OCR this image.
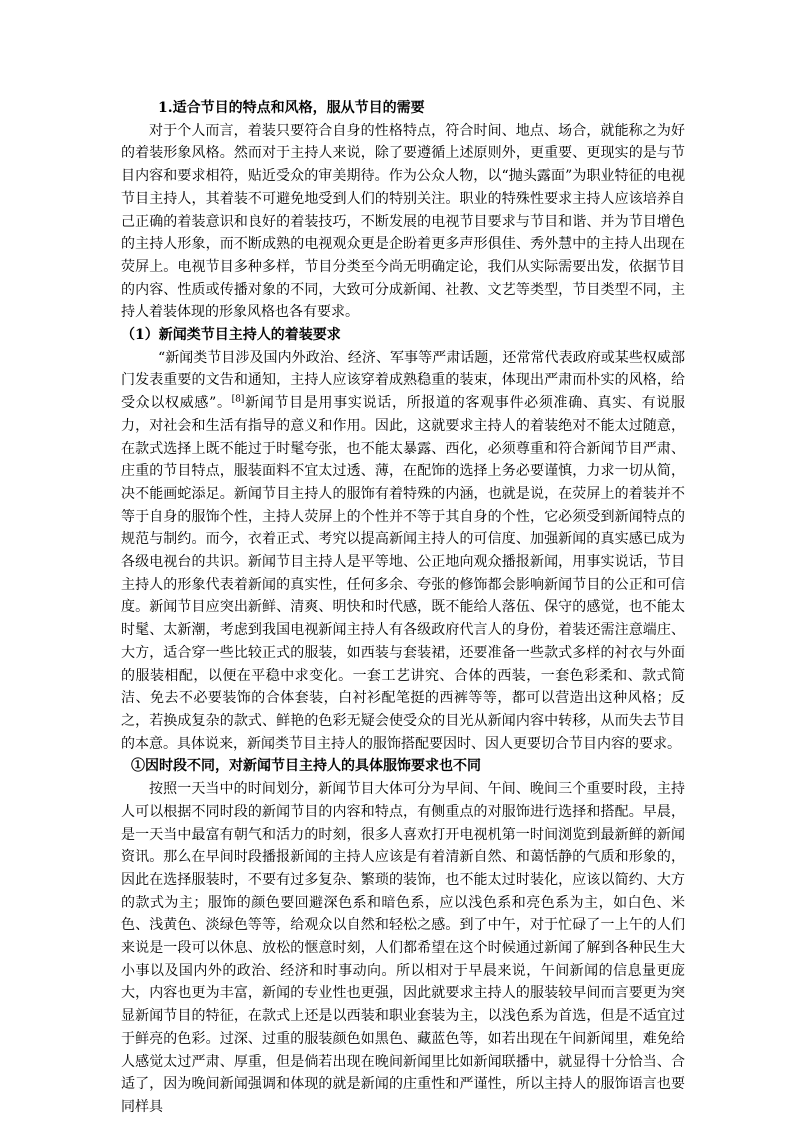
1.适合节目的特点和风格，服从节目的需要

对于个人而言，着装只要符合自身的性格特点，符合时间、地点、场合，就能称之为好的着装形象风格。然而对于主持人来说，除了要遵循上述原则外，更重要、更现实的是与节目内容和要求相符，贴近受众的审美期待。作为公众人物，以“抛头露面”为职业特征的电视节目主持人，其着装不可避免地受到人们的特别关注。职业的特殊性要求主持人应该培养自己正确的着装意识和良好的着装技巧，不断发展的电视节目要求与节目和谐、并为节目增色的主持人形象，而不断成熟的电视观众更是企盼着更多声形俱佳、秀外慧中的主持人出现在荧屏上。电视节目多种多样，节目分类至今尚无明确定论，我们从实际需要出发，依据节目的内容、性质或传播对象的不同，大致可分成新闻、社教、文艺等类型，节目类型不同，主持人着装体现的形象风格也各有要求。

（1）新闻类节目主持人的着装要求

“新闻类节目涉及国内外政治、经济、军事等严肃话题，还常常代表政府或某些权威部门发表重要的文告和通知，主持人应该穿着成熟稳重的装束，体现出严肃而朴实的风格，给受众以权威感”。[8]新闻节目是用事实说话，所报道的客观事件必须准确、真实、有说服力，对社会和生活有指导的意义和作用。因此，这就要求主持人的着装绝对不能太过随意，在款式选择上既不能过于时髦夸张，也不能太暴露、西化，必须尊重和符合新闻节目严肃、庄重的节目特点，服装面料不宜太过透、薄，在配饰的选择上务必要谨慎，力求一切从简，决不能画蛇添足。新闻节目主持人的服饰有着特殊的内涵，也就是说，在荧屏上的着装并不等于自身的服饰个性，主持人荧屏上的个性并不等于其自身的个性，它必须受到新闻特点的规范与制约。而今，衣着正式、考究以提高新闻主持人的可信度、加强新闻的真实感已成为各级电视台的共识。新闻节目主持人是平等地、公正地向观众播报新闻，用事实说话，节目主持人的形象代表着新闻的真实性，任何多余、夸张的修饰都会影响新闻节目的公正和可信度。新闻节目应突出新鲜、清爽、明快和时代感，既不能给人落伍、保守的感觉，也不能太时髦、太新潮，考虑到我国电视新闻主持人有各级政府代言人的身份，着装还需注意端庄、大方，适合穿一些比较正式的服装，如西装与套装裙，还要准备一些款式多样的衬衣与外面的服装相配，以便在平稳中求变化。一套工艺讲究、合体的西装，一套色彩柔和、款式简洁、免去不必要装饰的合体套装，白衬衫配笔挺的西裤等等，都可以营造出这种风格；反之，若换成复杂的款式、鲜艳的色彩无疑会使受众的目光从新闻内容中转移，从而失去节目的本意。具体说来，新闻类节目主持人的服饰搭配要因时、因人更要切合节目内容的要求。

①因时段不同，对新闻节目主持人的具体服饰要求也不同

按照一天当中的时间划分，新闻节目大体可分为早间、午间、晚间三个重要时段，主持人可以根据不同时段的新闻节目的内容和特点，有侧重点的对服饰进行选择和搭配。早晨，是一天当中最富有朝气和活力的时刻，很多人喜欢打开电视机第一时间浏览到最新鲜的新闻资讯。那么在早间时段播报新闻的主持人应该是有着清新自然、和蔼恬静的气质和形象的，因此在选择服装时，不要有过多复杂、繁琐的装饰，也不能太过时装化，应该以简约、大方的款式为主；服饰的颜色要回避深色系和暗色系，应以浅色系和亮色系为主，如白色、米色、浅黄色、淡绿色等等，给观众以自然和轻松之感。到了中午，对于忙碌了一上午的人们来说是一段可以休息、放松的惬意时刻，人们都希望在这个时候通过新闻了解到各种民生大小事以及国内外的政治、经济和时事动向。所以相对于早晨来说，午间新闻的信息量更庞大，内容也更为丰富，新闻的专业性也更强，因此就要求主持人的服装较早间而言要更为突显新闻节目的特征，在款式上还是以西装和职业套装为主，以浅色系为首选，但是不适宜过于鲜亮的色彩。过深、过重的服装颜色如黑色、藏蓝色等，如若出现在午间新闻里，难免给人感觉太过严肃、厚重，但是倘若出现在晚间新闻里比如新闻联播中，就显得十分恰当、合适了，因为晚间新闻强调和体现的就是新闻的庄重性和严谨性，所以主持人的服饰语言也要同样具
